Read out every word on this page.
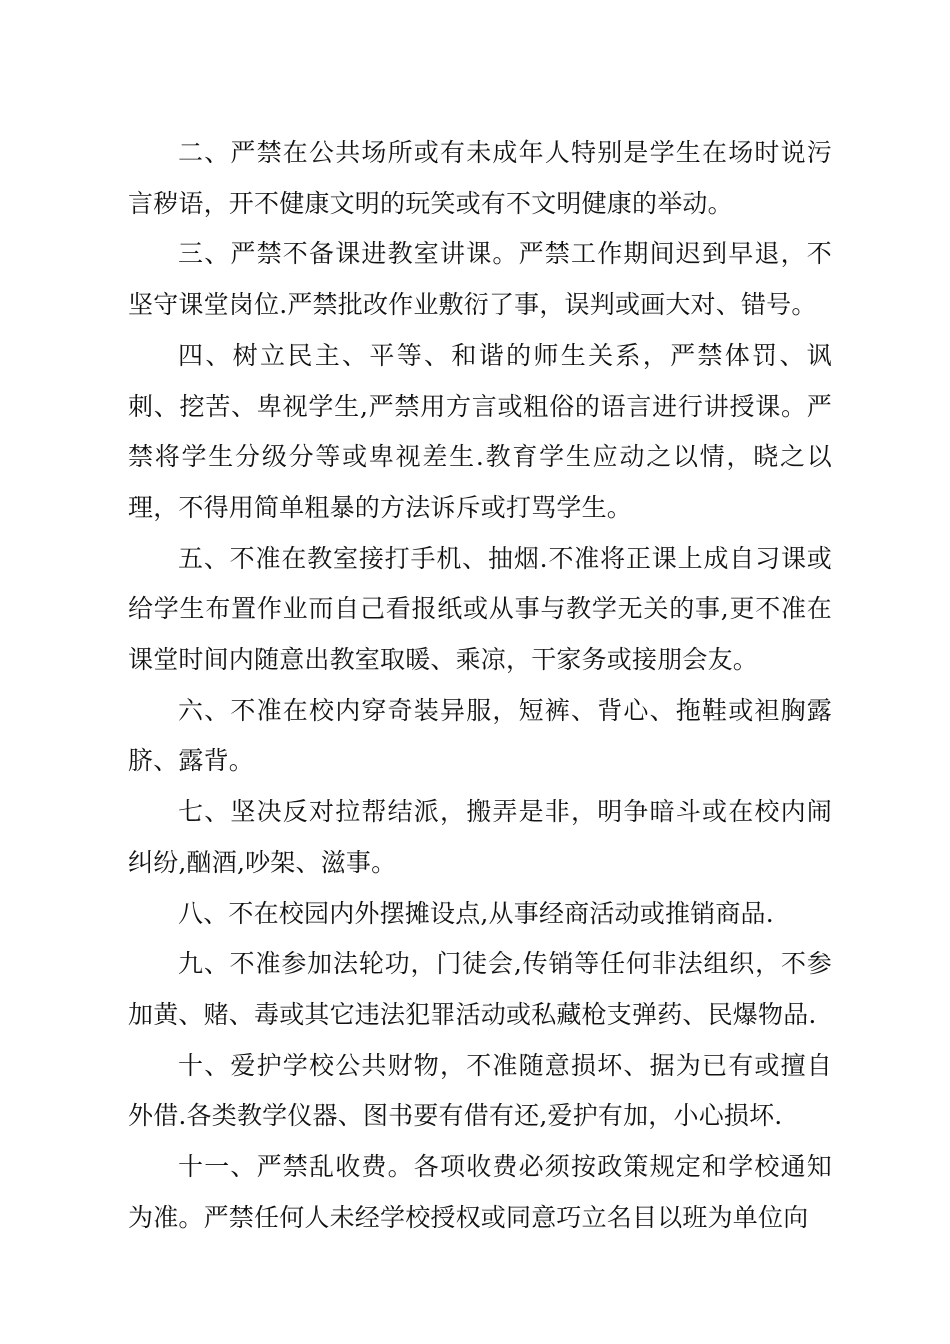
二、严禁在公共场所或有未成年人特别是学生在场时说污言秽语，开不健康文明的玩笑或有不文明健康的举动。

三、严禁不备课进教室讲课。严禁工作期间迟到早退，不坚守课堂岗位.严禁批改作业敷衍了事，误判或画大对、错号。

四、树立民主、平等、和谐的师生关系，严禁体罚、讽刺、挖苦、卑视学生,严禁用方言或粗俗的语言进行讲授课。严禁将学生分级分等或卑视差生.教育学生应动之以情，晓之以理，不得用简单粗暴的方法诉斥或打骂学生。

五、不准在教室接打手机、抽烟.不准将正课上成自习课或给学生布置作业而自己看报纸或从事与教学无关的事,更不准在课堂时间内随意出教室取暖、乘凉，干家务或接朋会友。

六、不准在校内穿奇装异服，短裤、背心、拖鞋或袒胸露脐、露背。

七、坚决反对拉帮结派，搬弄是非，明争暗斗或在校内闹纠纷,酗酒,吵架、滋事。

八、不在校园内外摆摊设点,从事经商活动或推销商品.

九、不准参加法轮功，门徒会,传销等任何非法组织，不参加黄、赌、毒或其它违法犯罪活动或私藏枪支弹药、民爆物品.

十、爱护学校公共财物，不准随意损坏、据为已有或擅自外借.各类教学仪器、图书要有借有还,爱护有加，小心损坏.

十一、严禁乱收费。各项收费必须按政策规定和学校通知为准。严禁任何人未经学校授权或同意巧立名目以班为单位向
